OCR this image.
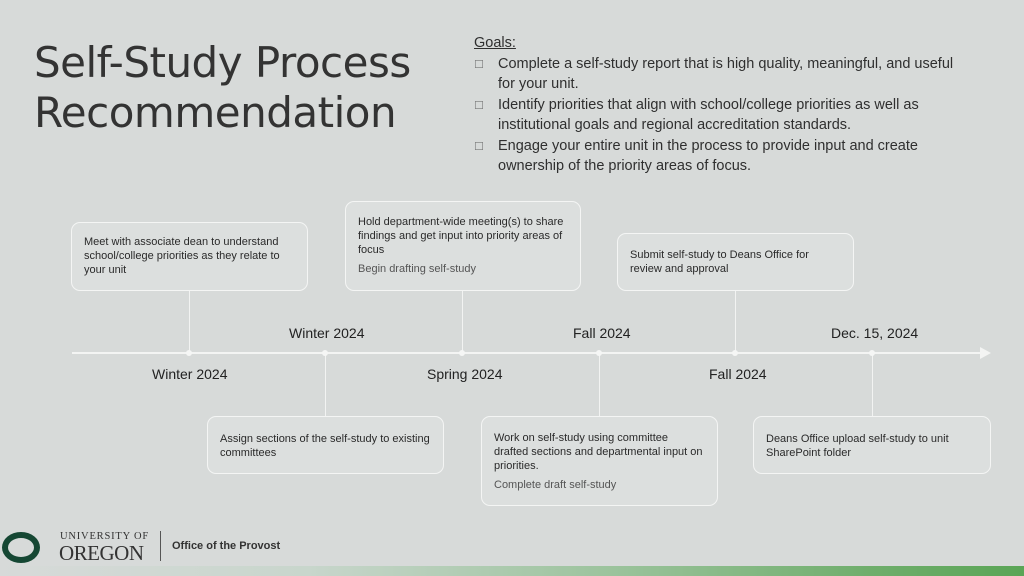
Self-Study Process
Recommendation
Goals:
☐ Complete a self-study report that is high quality, meaningful, and useful for your unit.
☐ Identify priorities that align with school/college priorities as well as institutional goals and regional accreditation standards.
☐ Engage your entire unit in the process to provide input and create ownership of the priority areas of focus.
Meet with associate dean to understand school/college priorities as they relate to your unit
Hold department-wide meeting(s) to share findings and get input into priority areas of focus
Begin drafting self-study
Submit self-study to Deans Office for review and approval
Winter 2024	Fall 2024	Dec. 15, 2024
Winter 2024	Spring 2024	Fall 2024
Assign sections of the self-study to existing committees
Work on self-study using committee drafted sections and departmental input on priorities.
Complete draft self-study
Deans Office upload self-study to unit SharePoint folder
UNIVERSITY OF
OREGON	Office of the Provost
